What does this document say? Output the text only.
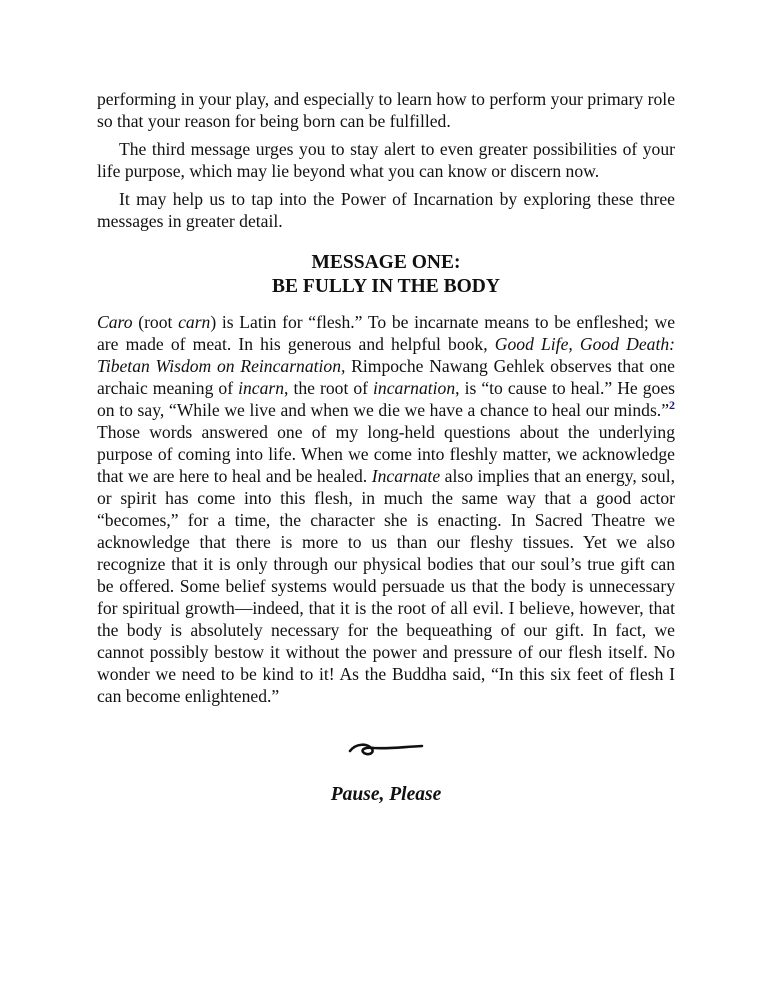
performing in your play, and especially to learn how to perform your primary role so that your reason for being born can be fulfilled.

The third message urges you to stay alert to even greater possibilities of your life purpose, which may lie beyond what you can know or discern now.

It may help us to tap into the Power of Incarnation by exploring these three messages in greater detail.

MESSAGE ONE:
BE FULLY IN THE BODY

Caro (root carn) is Latin for “flesh.” To be incarnate means to be enfleshed; we are made of meat. In his generous and helpful book, Good Life, Good Death: Tibetan Wisdom on Reincarnation, Rimpoche Nawang Gehlek observes that one archaic meaning of incarn, the root of incarnation, is “to cause to heal.” He goes on to say, “While we live and when we die we have a chance to heal our minds.”$^2$ Those words answered one of my long-held questions about the underlying purpose of coming into life. When we come into fleshly matter, we acknowledge that we are here to heal and be healed. Incarnate also implies that an energy, soul, or spirit has come into this flesh, in much the same way that a good actor “becomes,” for a time, the character she is enacting. In Sacred Theatre we acknowledge that there is more to us than our fleshy tissues. Yet we also recognize that it is only through our physical bodies that our soul’s true gift can be offered. Some belief systems would persuade us that the body is unnecessary for spiritual growth—indeed, that it is the root of all evil. I believe, however, that the body is absolutely necessary for the bequeathing of our gift. In fact, we cannot possibly bestow it without the power and pressure of our flesh itself. No wonder we need to be kind to it! As the Buddha said, “In this six feet of flesh I can become enlightened.”

Pause, Please
